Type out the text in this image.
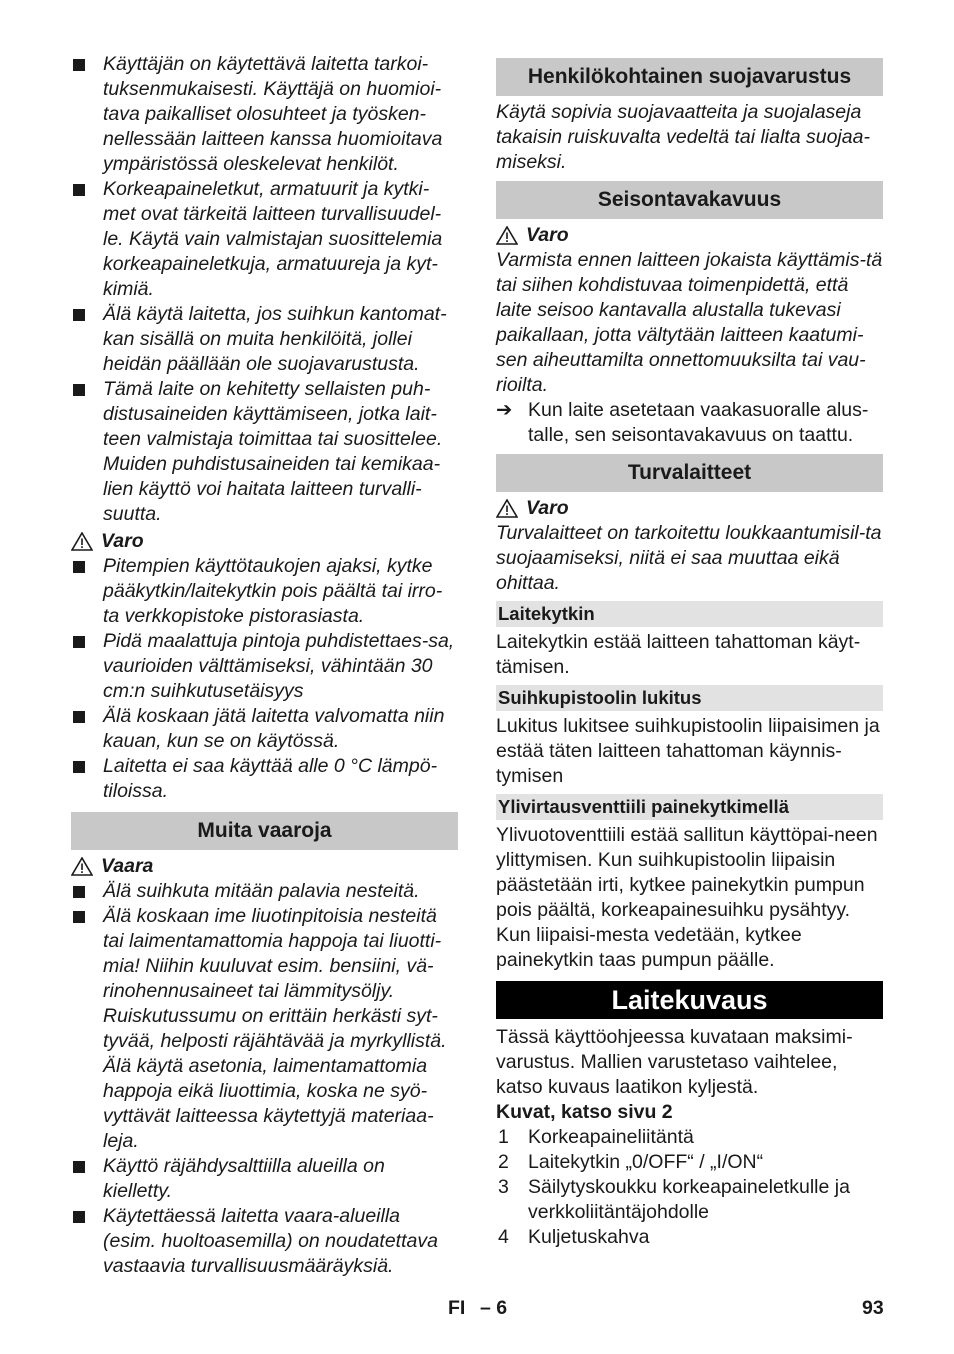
Käyttäjän on käytettävä laitetta tarkoi-tuksenmukaisesti. Käyttäjä on huomioi-tava paikalliset olosuhteet ja työsken-nellessään laitteen kanssa huomioitava ympäristössä oleskelevat henkilöt.
Korkeapaineletkut, armatuurit ja kytki-met ovat tärkeitä laitteen turvallisuudel-le. Käytä vain valmistajan suosittelemia korkeapaineletkuja, armatuureja ja kyt-kimiä.
Älä käytä laitetta, jos suihkun kantomat-kan sisällä on muita henkilöitä, jollei heidän päällään ole suojavarustusta.
Tämä laite on kehitetty sellaisten puh-distusaineiden käyttämiseen, jotka lait-teen valmistaja toimittaa tai suosittelee. Muiden puhdistusaineiden tai kemikaa-lien käyttö voi haitata laitteen turvalli-suutta.
Varo
Pitempien käyttötaukojen ajaksi, kytke pääkytkin/laitekytkin pois päältä tai irro-ta verkkopistoke pistorasiasta.
Pidä maalattuja pintoja puhdistettaes-sa, vaurioiden välttämiseksi, vähintään 30 cm:n suihkutusetäisyys
Älä koskaan jätä laitetta valvomatta niin kauan, kun se on käytössä.
Laitetta ei saa käyttää alle 0 °C lämpö-tiloissa.
Muita vaaroja
Vaara
Älä suihkuta mitään palavia nesteitä.
Älä koskaan ime liuotinpitoisia nesteitä tai laimentamattomia happoja tai liuotti-mia! Niihin kuuluvat esim. bensiini, vä-rinohennusaineet tai lämmitysöljy. Ruiskutussumu on erittäin herkästi syt-tyvää, helposti räjähtävää ja myrkyllistä. Älä käytä asetonia, laimentamattomia happoja eikä liuottimia, koska ne syö-vyttävät laitteessa käytettyjä materiaa-leja.
Käyttö räjähdysalttiilla alueilla on kielletty.
Käytettäessä laitetta vaara-alueilla (esim. huoltoasemilla) on noudatettava vastaavia turvallisuusmääräyksiä.
Henkilökohtainen suojavarustus

Käytä sopivia suojavaatteita ja suojalaseja takaisin ruiskuvalta vedeltä tai lialta suojaa-miseksi.

Seisontavakavuus
Varo

Varmista ennen laitteen jokaista käyttämis-tä tai siihen kohdistuvaa toimenpidettä, että laite seisoo kantavalla alustalla tukevasi paikallaan, jotta vältytään laitteen kaatumi-sen aiheuttamilta onnettomuuksilta tai vau-rioilta.

➔ Kun laite asetetaan vaakasuoralle alus-talle, sen seisontavakavuus on taattu.
Turvalaitteet
Varo

Turvalaitteet on tarkoitettu loukkaantumisil-ta suojaamiseksi, niitä ei saa muuttaa eikä ohittaa.

Laitekytkin

Laitekytkin estää laitteen tahattoman käyt-tämisen.

Suihkupistoolin lukitus

Lukitus lukitsee suihkupistoolin liipaisimen ja estää täten laitteen tahattoman käynnis-tymisen

Ylivirtausventtiili painekytkimellä

Ylivuotoventtiili estää sallitun käyttöpai-neen ylittymisen. Kun suihkupistoolin liipaisin päästetään irti, kytkee painekytkin pumpun pois päältä, korkeapainesuihku pysähtyy. Kun liipaisi-mesta vedetään, kytkee painekytkin taas pumpun päälle.

Laitekuvaus

Tässä käyttöohjeessa kuvataan maksimi-varustus. Mallien varustetaso vaihtelee, katso kuvaus laatikon kyljestä.

Kuvat, katso sivu 2

1 Korkeapaineliitäntä
2 Laitekytkin „0/OFF“ / „I/ON“
3 Säilytyskoukku korkeapaineletkulle ja verkkoliitäntäjohdolle
4 Kuljetuskahva
FI – 6	93
